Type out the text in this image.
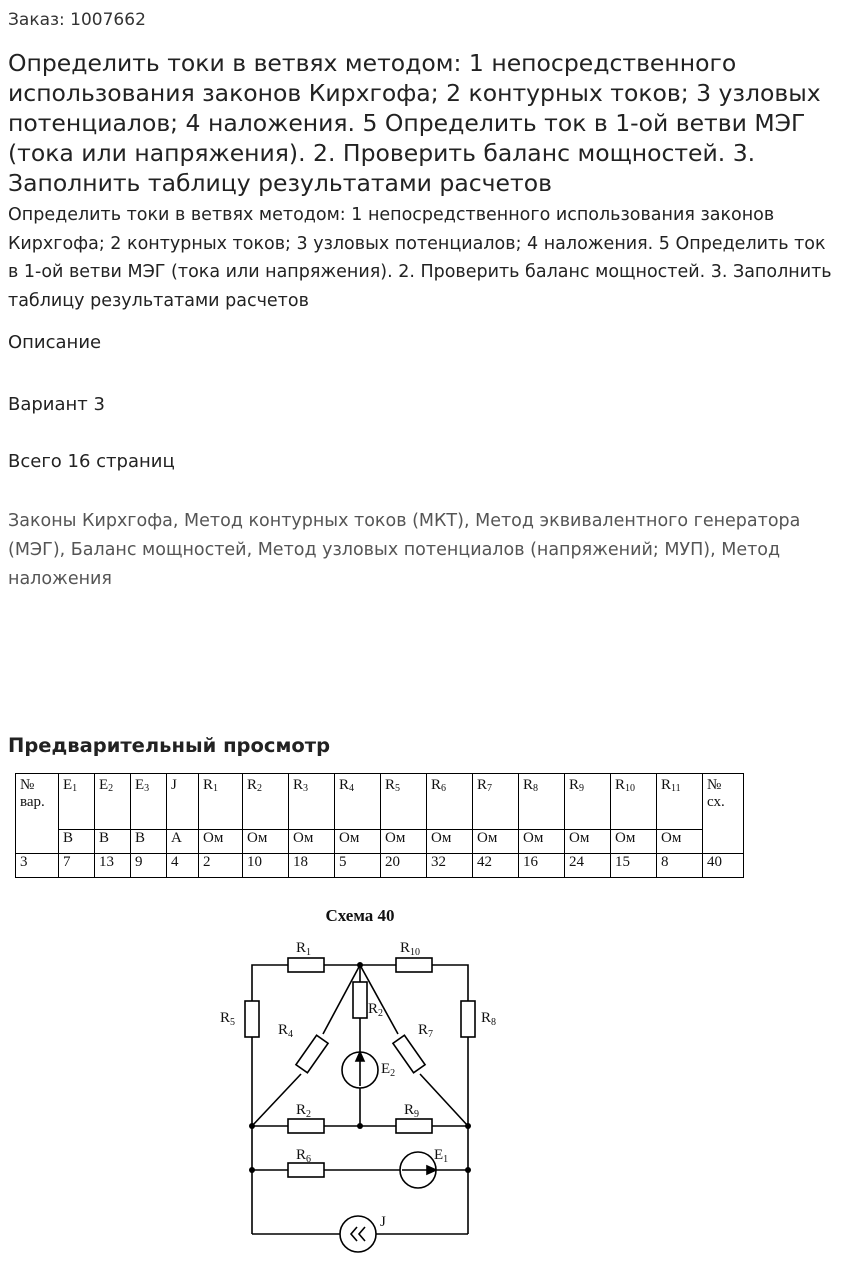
Заказ: 1007662
Определить токи в ветвях методом: 1 непосредственного использования законов Кирхгофа; 2 контурных токов; 3 узловых потенциалов; 4 наложения. 5 Определить ток в 1-ой ветви МЭГ (тока или напряжения). 2. Проверить баланс мощностей. 3. Заполнить таблицу результатами расчетов

Определить токи в ветвях методом: 1 непосредственного использования законов Кирхгофа; 2 контурных токов; 3 узловых потенциалов; 4 наложения. 5 Определить ток в 1-ой ветви МЭГ (тока или напряжения). 2. Проверить баланс мощностей. 3. Заполнить таблицу результатами расчетов

Описание
Вариант 3
Всего 16 страниц
Законы Кирхгофа, Метод контурных токов (МКТ), Метод эквивалентного генератора (МЭГ), Баланс мощностей, Метод узловых потенциалов (напряжений; МУП), Метод наложения
Предварительный просмотр
№
вар.	$E_1$	$E_2$	$E_3$	J	$R_1$	$R_2$	$R_3$	$R_4$	$R_5$	$R_6$	$R_7$	$R_8$	$R_9$	$R_{10}$	$R_{11}$	№
сх.
	В	В	В	А	Ом	Ом	Ом	Ом	Ом	Ом	Ом	Ом	Ом	Ом	Ом	
3	7	13	9	4	2	10	18	5	20	32	42	16	24	15	8	40
Схема 40
$R_1$	$R_{10}$
$R_5$	$R_8$
$R_4$
$R_2$
$R_7$
$E_2$
$R_2$	$R_9$
$R_6$	$E_1$
J
